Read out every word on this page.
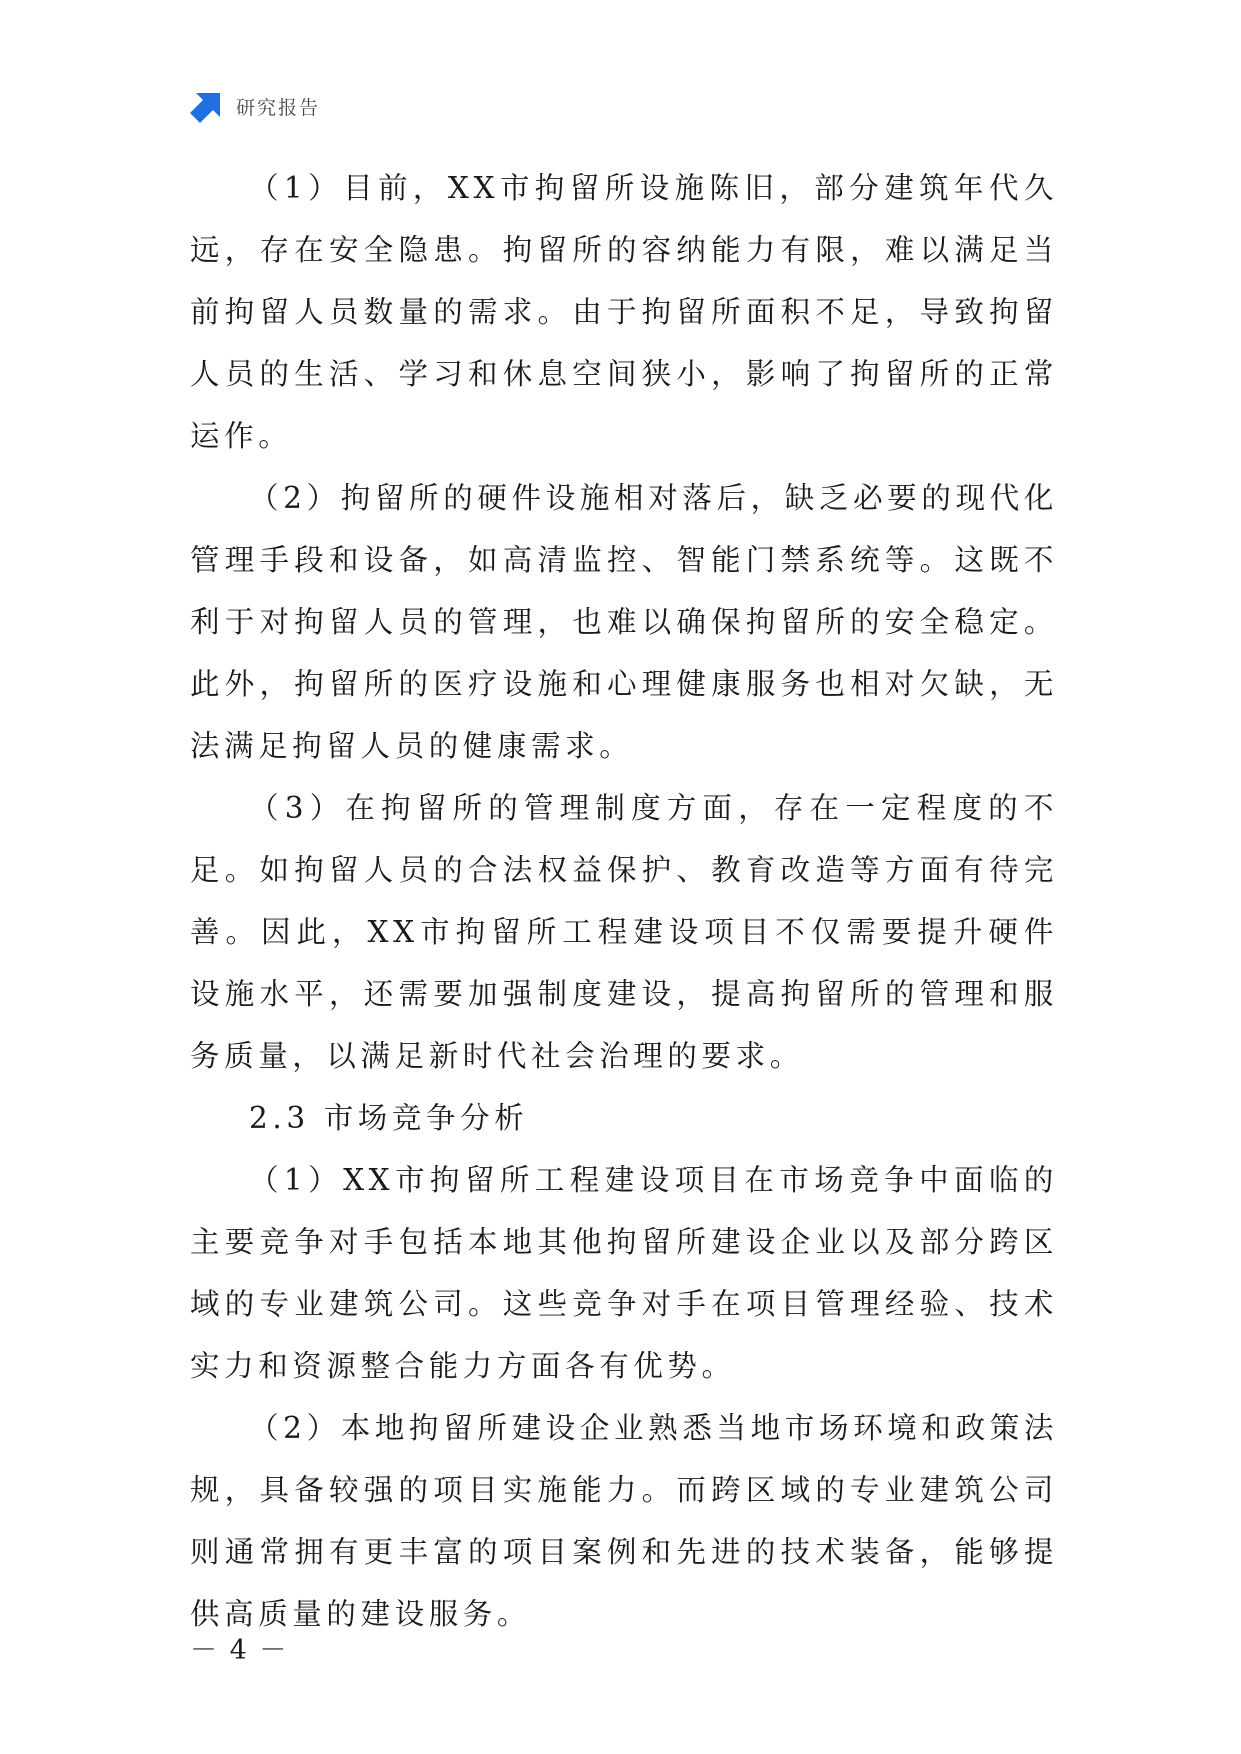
研究报告

（1）目前，XX市拘留所设施陈旧，部分建筑年代久远，存在安全隐患。拘留所的容纳能力有限，难以满足当前拘留人员数量的需求。由于拘留所面积不足，导致拘留人员的生活、学习和休息空间狭小，影响了拘留所的正常运作。

（2）拘留所的硬件设施相对落后，缺乏必要的现代化管理手段和设备，如高清监控、智能门禁系统等。这既不利于对拘留人员的管理，也难以确保拘留所的安全稳定。此外，拘留所的医疗设施和心理健康服务也相对欠缺，无法满足拘留人员的健康需求。

（3）在拘留所的管理制度方面，存在一定程度的不足。如拘留人员的合法权益保护、教育改造等方面有待完善。因此，XX市拘留所工程建设项目不仅需要提升硬件设施水平，还需要加强制度建设，提高拘留所的管理和服务质量，以满足新时代社会治理的要求。

2.3 市场竞争分析

（1）XX市拘留所工程建设项目在市场竞争中面临的主要竞争对手包括本地其他拘留所建设企业以及部分跨区域的专业建筑公司。这些竞争对手在项目管理经验、技术实力和资源整合能力方面各有优势。

（2）本地拘留所建设企业熟悉当地市场环境和政策法规，具备较强的项目实施能力。而跨区域的专业建筑公司则通常拥有更丰富的项目案例和先进的技术装备，能够提供高质量的建设服务。

－ 4 －
